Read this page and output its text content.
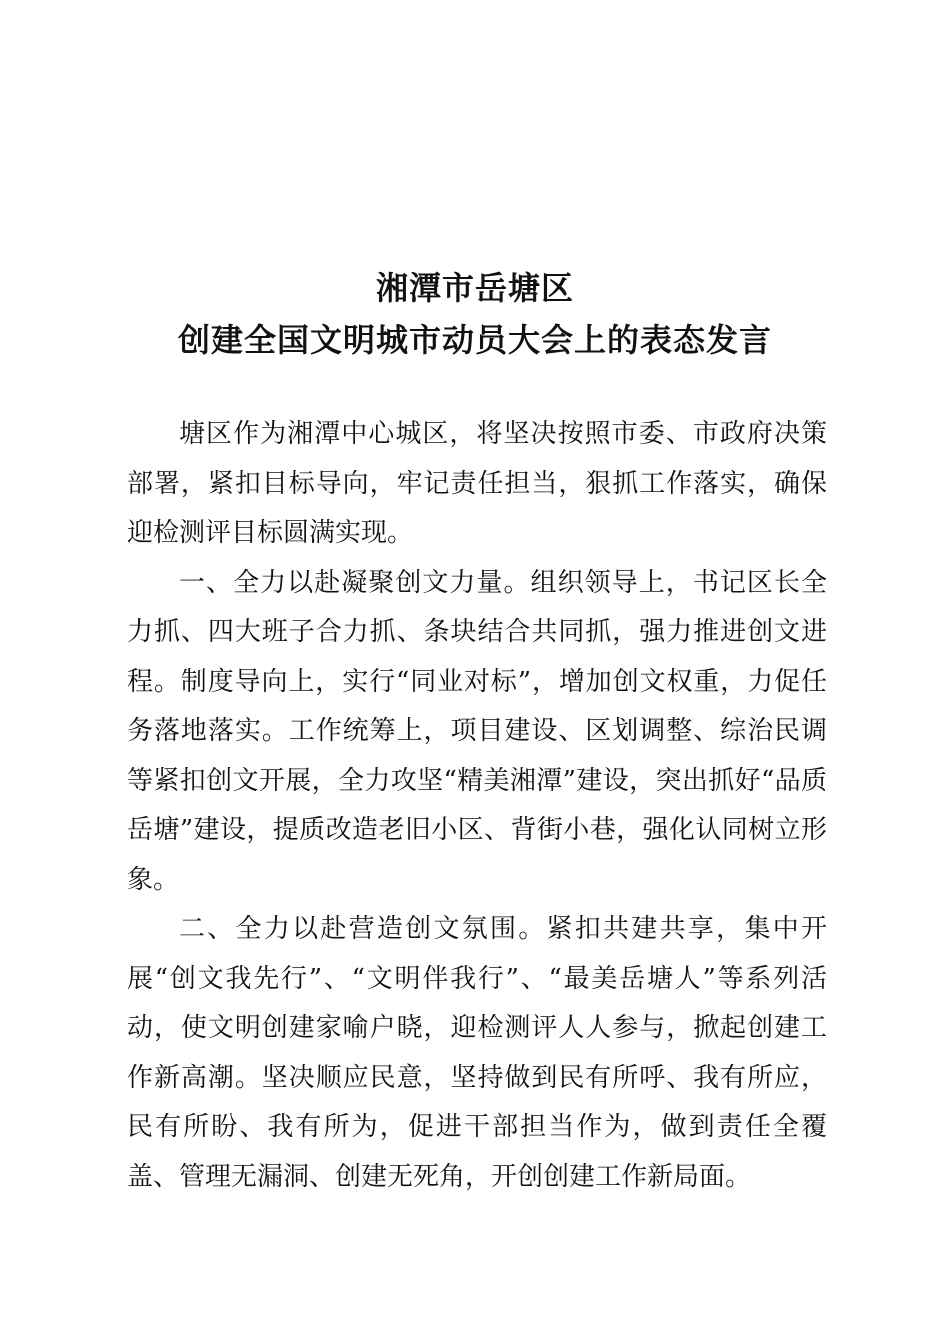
湘潭市岳塘区
创建全国文明城市动员大会上的表态发言

塘区作为湘潭中心城区，将坚决按照市委、市政府决策部署，紧扣目标导向，牢记责任担当，狠抓工作落实，确保迎检测评目标圆满实现。

一、全力以赴凝聚创文力量。组织领导上，书记区长全力抓、四大班子合力抓、条块结合共同抓，强力推进创文进程。制度导向上，实行“同业对标”，增加创文权重，力促任务落地落实。工作统筹上，项目建设、区划调整、综治民调等紧扣创文开展，全力攻坚“精美湘潭”建设，突出抓好“品质岳塘”建设，提质改造老旧小区、背街小巷，强化认同树立形象。

二、全力以赴营造创文氛围。紧扣共建共享，集中开展“创文我先行”、“文明伴我行”、“最美岳塘人”等系列活动，使文明创建家喻户晓，迎检测评人人参与，掀起创建工作新高潮。坚决顺应民意，坚持做到民有所呼、我有所应，民有所盼、我有所为，促进干部担当作为，做到责任全覆盖、管理无漏洞、创建无死角，开创创建工作新局面。
